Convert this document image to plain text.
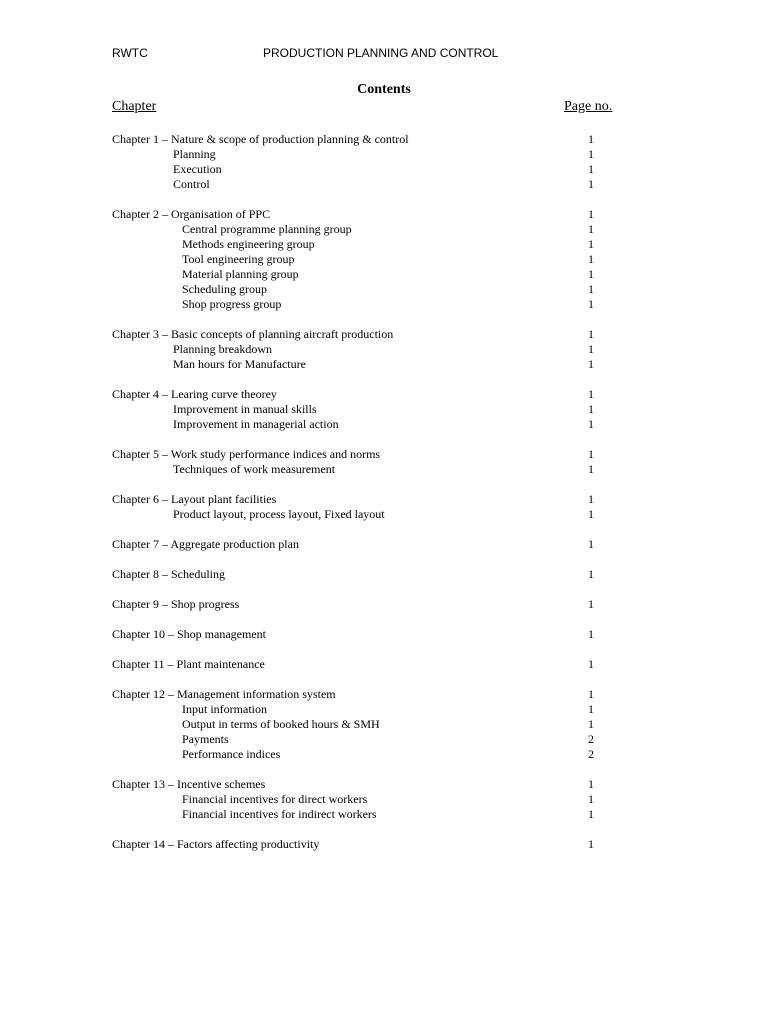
RWTC	PRODUCTION PLANNING AND CONTROL
Contents
Chapter	Page no.
Chapter 1 – Nature & scope of production planning & control	1
Planning	1
Execution	1
Control	1
Chapter 2 – Organisation of PPC	1
Central programme planning group	1
Methods engineering group	1
Tool engineering group	1
Material planning group	1
Scheduling group	1
Shop progress group	1
Chapter 3 – Basic concepts of planning aircraft production	1
Planning breakdown	1
Man hours for Manufacture	1
Chapter 4 – Learing curve theorey	1
Improvement in manual skills	1
Improvement in managerial action	1
Chapter 5 – Work study performance indices and norms	1
Techniques of work measurement	1
Chapter 6 – Layout plant facilities	1
Product layout, process layout, Fixed layout	1
Chapter 7 – Aggregate production plan	1
Chapter 8 – Scheduling	1
Chapter 9 – Shop progress	1
Chapter 10 – Shop management	1
Chapter 11 – Plant maintenance	1
Chapter 12 – Management information system	1
Input information	1
Output in terms of booked hours & SMH	1
Payments	2
Performance indices	2
Chapter 13 – Incentive schemes	1
Financial incentives for direct workers	1
Financial incentives for indirect workers	1
Chapter 14 – Factors affecting productivity	1
